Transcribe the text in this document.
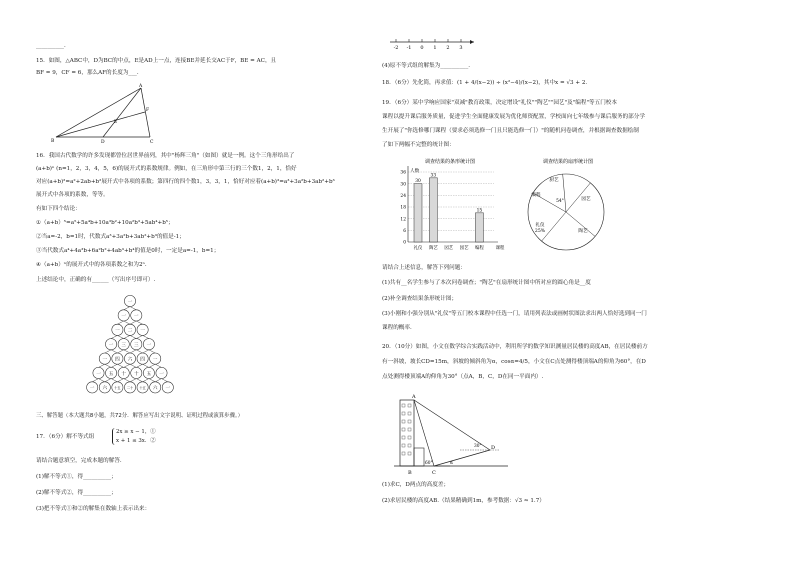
__________.
15．如图，△ABC中，D为BC的中点，E是AD上一点，连接BE并延长交AC于F，BE = AC，且
BF = 9，CF = 6，那么AF的长度为___.
A
B	C
D
E
F
16．我国古代数学的许多发现都曾位居世界前列，其中"杨辉三角"（如图）就是一例。这个三角形给出了
(a+b)ⁿ (n=1，2，3，4，5，6)的展开式的系数规律。例如，在三角形中第三行的三个数1，2，1，恰好
对应(a+b)²=a²+2ab+b²展开式中各项的系数；第四行的四个数1，3，3，1，恰好对应着(a+b)³=a³+3a²b+3ab²+b³
展开式中各项的系数，等等。
有如下四个结论：
①（a+b）⁵=a⁵+5a⁴b+10a³b²+10a²b³+5ab⁴+b⁵；
②当a=-2，b=1时，代数式a³+3a²b+3ab²+b³的值是-1；
③当代数式a⁴+4a³b+6a²b²+4ab³+b⁴的值是0时，一定是a=-1，b=1；
④（a+b）ⁿ的展开式中的各项系数之和为2ⁿ.
上述结论中，正确的有______（写出序号即可）.
一
一 一
一 二 一
一 三 三 一
一 四 六 四 一
一 五 十 十 五 一
一 六 十五 二十 十五 六 一
三、解答题（本大题共8小题，共72分．解答应写出文字说明、证明过程或演算步骤。）
17．（6分）解不等式组
2x ≥ x − 1，①
x + 1 ≤ 3x．②
请结合题意填空，完成本题的解答.
(1)解不等式①，得__________；
(2)解不等式②，得__________；
(3)把不等式①和②的解集在数轴上表示出来：
-2 -1 0 1 2 3
(4)原不等式组的解集为__________.
18．（6分）先化简，再求值：(1 + 4/(x−2)) ÷ (x²−4)/(x−2)，其中x = √3 + 2．
19．（6分）某中学响应国家"双减"教育政策，决定增设"礼仪""陶艺""园艺"及"编程"等五门校本
课程以提升课后服务质量，促进学生全面健康发展为优化师资配置，学校面向七年级参与课后服务的部分学
生开展了"你选修哪门课程（要求必须选修一门且只能选修一门）"的随机问卷调查，并根据调查数据绘制
了如下两幅不完整的统计图：
调查结果的条形统计图
人数
0
6
12
18
24
30
36
30
礼仪
33
陶艺 园艺 园艺
15
编程	课程
调查结果的扇形统计图
礼仪
园艺
陶艺
编程
厨艺
25%
54°
请结合上述信息，解答下列问题：
(1)共有__名学生参与了本次问卷调查；"陶艺"在扇形统计图中所对应的圆心角是__度
(2)补全调查结果条形统计图；
(3)小刚和小强分别从"礼仪"等五门校本课程中任选一门，请用列表法或画树状图法求出两人恰好选到同一门
课程的概率.
20．（10分）如图，小文在数学综合实践活动中，利用所学的数学知识测量居民楼的高度AB，在居民楼前方
有一斜坡，坡长CD=15m，斜坡的倾斜角为α，cosα=4/5，小文在C点处测得楼顶端A的仰角为60°，在D
点处测得楼顶端A的仰角为30°（点A，B，C，D在同一平面内）.
A
B	C
D
60°
30°
α
(1)求C，D两点的高度差；
(2)求居民楼的高度AB.（结果精确到1m，参考数据：√3 ≈ 1.7）
